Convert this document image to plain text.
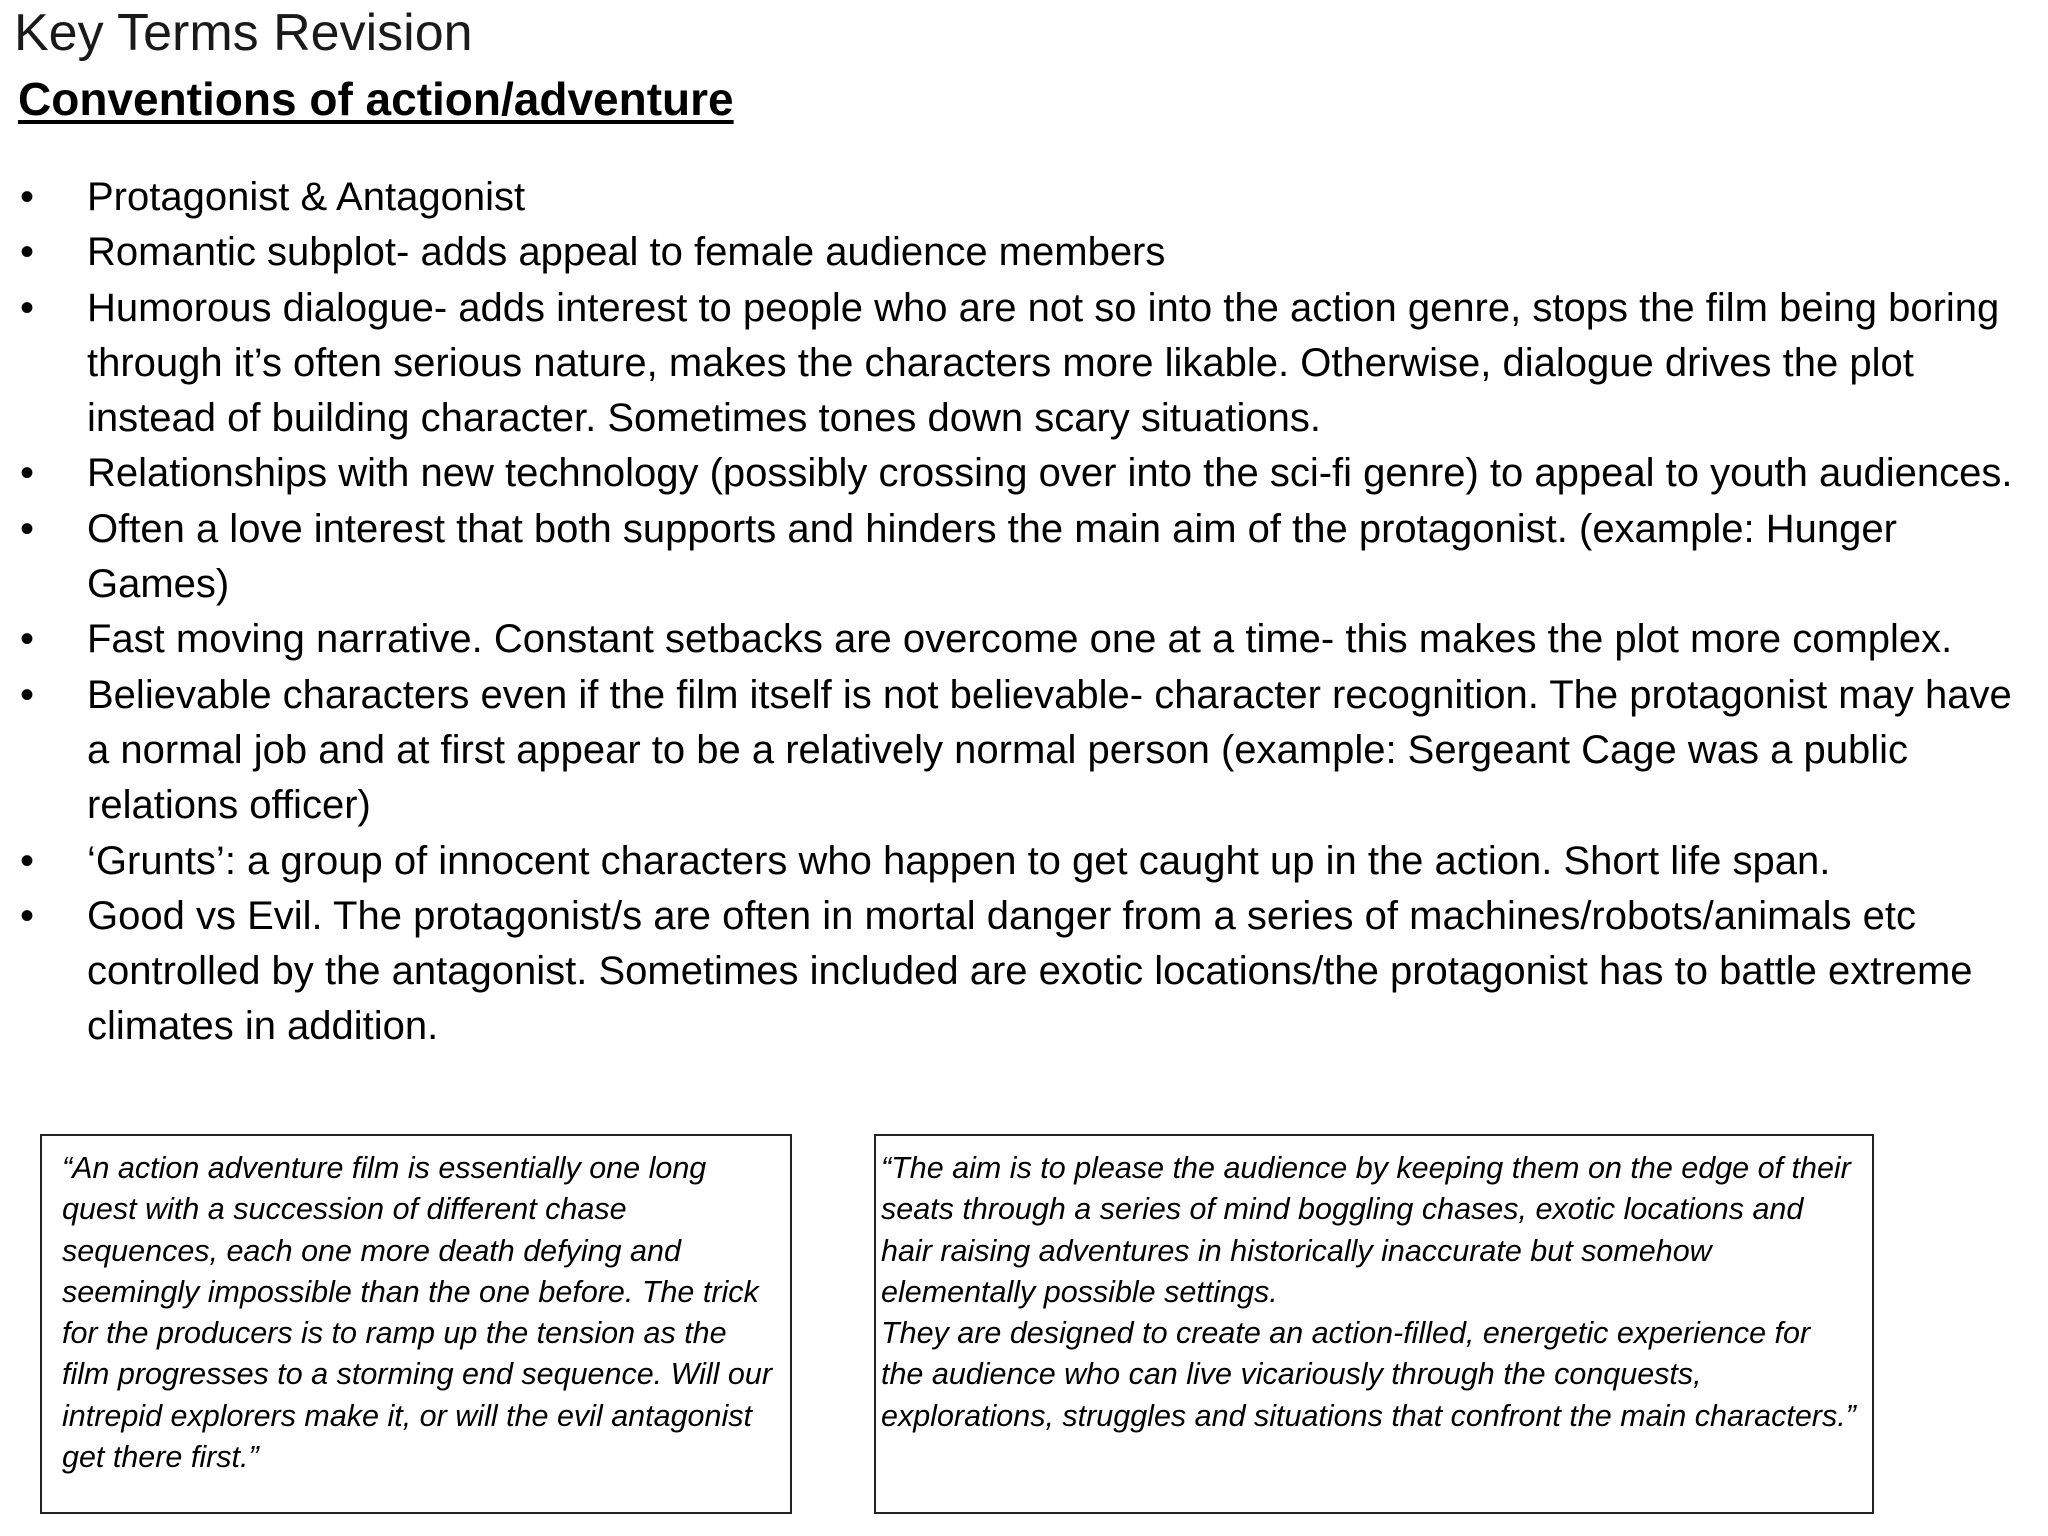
Key Terms Revision
Conventions of action/adventure
• Protagonist & Antagonist
• Romantic subplot- adds appeal to female audience members
• Humorous dialogue- adds interest to people who are not so into the action genre, stops the film being boring through it’s often serious nature, makes the characters more likable. Otherwise, dialogue drives the plot instead of building character. Sometimes tones down scary situations.
• Relationships with new technology (possibly crossing over into the sci-fi genre) to appeal to youth audiences.
• Often a love interest that both supports and hinders the main aim of the protagonist. (example: Hunger Games)
• Fast moving narrative. Constant setbacks are overcome one at a time- this makes the plot more complex.
• Believable characters even if the film itself is not believable- character recognition. The protagonist may have a normal job and at first appear to be a relatively normal person (example: Sergeant Cage was a public relations officer)
• ‘Grunts’: a group of innocent characters who happen to get caught up in the action. Short life span.
• Good vs Evil. The protagonist/s are often in mortal danger from a series of machines/robots/animals etc controlled by the antagonist. Sometimes included are exotic locations/the protagonist has to battle extreme climates in addition.

“An action adventure film is essentially one long quest with a succession of different chase sequences, each one more death defying and seemingly impossible than the one before. The trick for the producers is to ramp up the tension as the film progresses to a storming end sequence. Will our intrepid explorers make it, or will the evil antagonist get there first.”

“The aim is to please the audience by keeping them on the edge of their seats through a series of mind boggling chases, exotic locations and hair raising adventures in historically inaccurate but somehow elementally possible settings.

They are designed to create an action-filled, energetic experience for the audience who can live vicariously through the conquests, explorations, struggles and situations that confront the main characters.”
